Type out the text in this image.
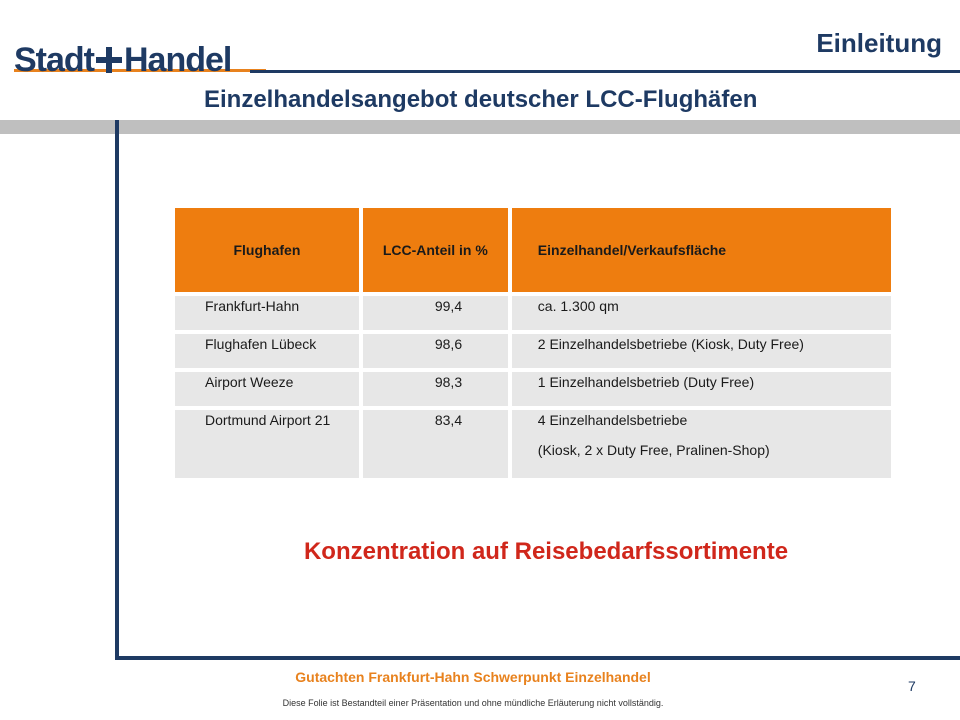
Stadt Handel	Einleitung
Einzelhandelsangebot deutscher LCC-Flughäfen
Flughafen	LCC-Anteil in %	Einzelhandel/Verkaufsfläche
Frankfurt-Hahn	99,4	ca. 1.300 qm
Flughafen Lübeck	98,6	2 Einzelhandelsbetriebe (Kiosk, Duty Free)
Airport Weeze	98,3	1 Einzelhandelsbetrieb (Duty Free)
Dortmund Airport 21	83,4	4 Einzelhandelsbetriebe
(Kiosk, 2 x Duty Free, Pralinen-Shop)
Konzentration auf Reisebedarfssortimente
Gutachten Frankfurt-Hahn Schwerpunkt Einzelhandel
Diese Folie ist Bestandteil einer Präsentation und ohne mündliche Erläuterung nicht vollständig.
7
